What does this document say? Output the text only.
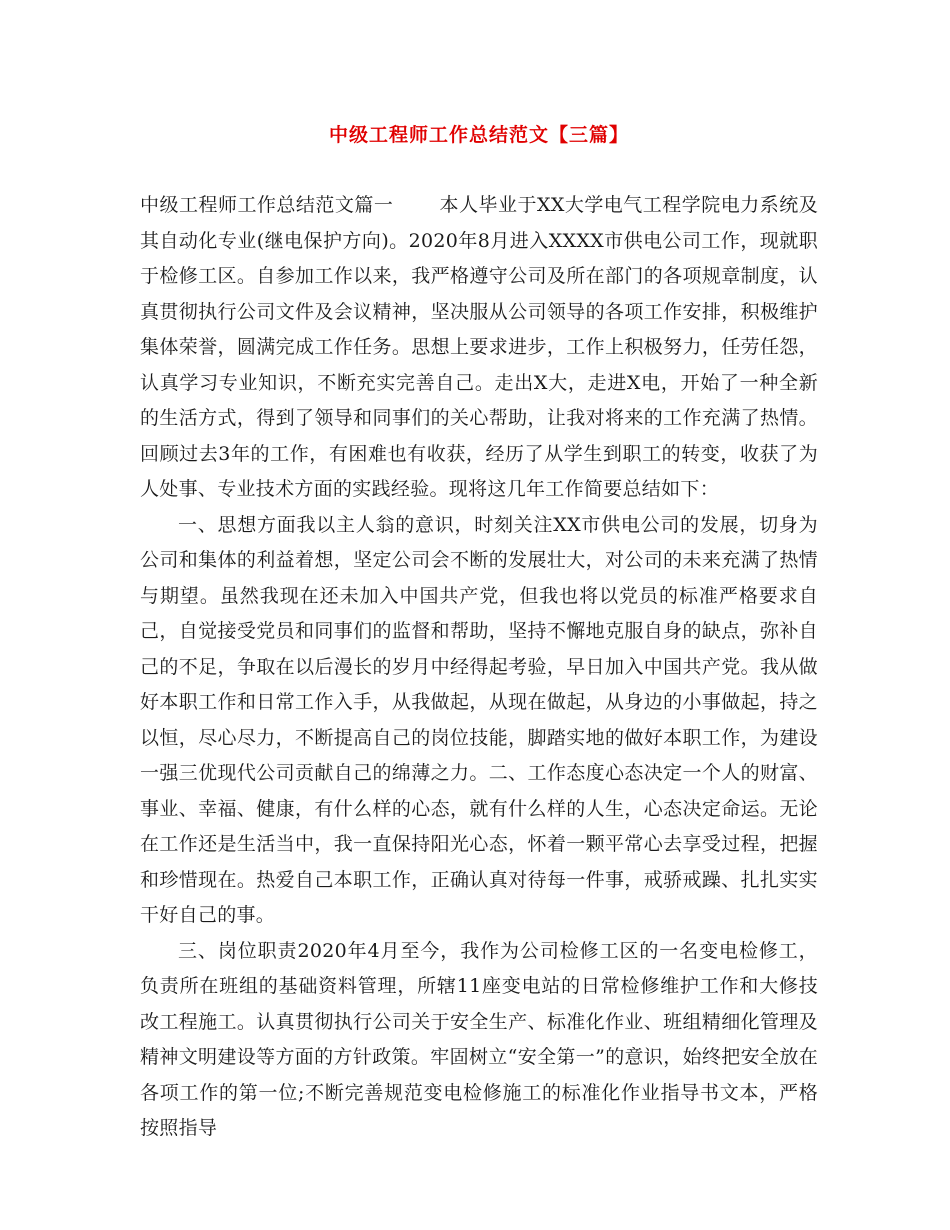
中级工程师工作总结范文【三篇】

中级工程师工作总结范文篇一 本人毕业于XX大学电气工程学院电力系统及其自动化专业(继电保护方向)。2020年8月进入XXXX市供电公司工作，现就职于检修工区。自参加工作以来，我严格遵守公司及所在部门的各项规章制度，认真贯彻执行公司文件及会议精神，坚决服从公司领导的各项工作安排，积极维护集体荣誉，圆满完成工作任务。思想上要求进步，工作上积极努力，任劳任怨，认真学习专业知识，不断充实完善自己。走出X大，走进X电，开始了一种全新的生活方式，得到了领导和同事们的关心帮助，让我对将来的工作充满了热情。回顾过去3年的工作，有困难也有收获，经历了从学生到职工的转变，收获了为人处事、专业技术方面的实践经验。现将这几年工作简要总结如下：

一、思想方面我以主人翁的意识，时刻关注XX市供电公司的发展，切身为公司和集体的利益着想，坚定公司会不断的发展壮大，对公司的未来充满了热情与期望。虽然我现在还未加入中国共产党，但我也将以党员的标准严格要求自己，自觉接受党员和同事们的监督和帮助，坚持不懈地克服自身的缺点，弥补自己的不足，争取在以后漫长的岁月中经得起考验，早日加入中国共产党。我从做好本职工作和日常工作入手，从我做起，从现在做起，从身边的小事做起，持之以恒，尽心尽力，不断提高自己的岗位技能，脚踏实地的做好本职工作，为建设一强三优现代公司贡献自己的绵薄之力。二、工作态度心态决定一个人的财富、事业、幸福、健康，有什么样的心态，就有什么样的人生，心态决定命运。无论在工作还是生活当中，我一直保持阳光心态，怀着一颗平常心去享受过程，把握和珍惜现在。热爱自己本职工作，正确认真对待每一件事，戒骄戒躁、扎扎实实干好自己的事。

三、岗位职责2020年4月至今，我作为公司检修工区的一名变电检修工，负责所在班组的基础资料管理，所辖11座变电站的日常检修维护工作和大修技改工程施工。认真贯彻执行公司关于安全生产、标准化作业、班组精细化管理及精神文明建设等方面的方针政策。牢固树立“安全第一”的意识，始终把安全放在各项工作的第一位;不断完善规范变电检修施工的标准化作业指导书文本，严格按照指导
